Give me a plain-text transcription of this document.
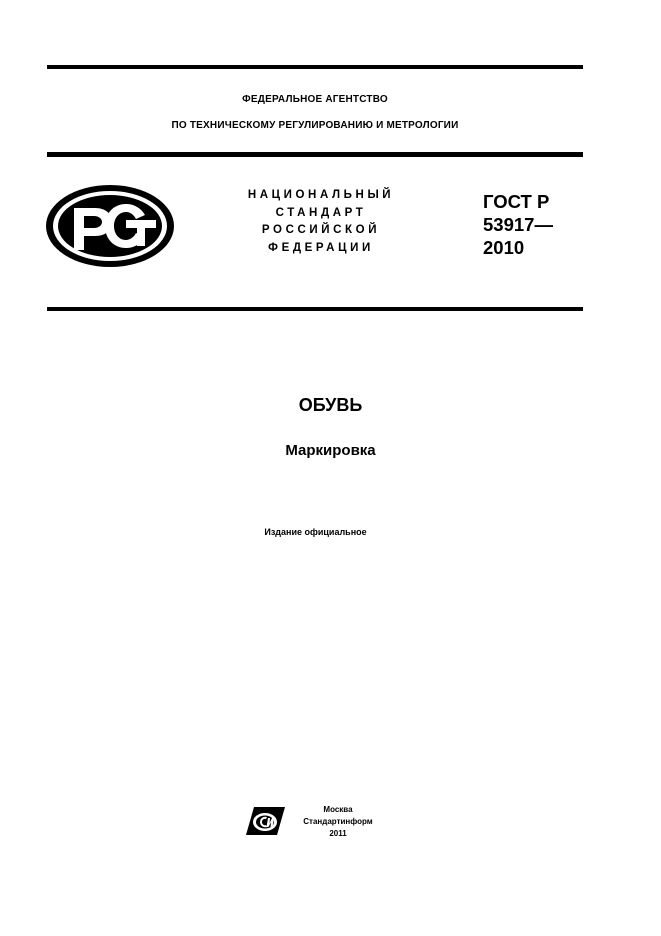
ФЕДЕРАЛЬНОЕ АГЕНТСТВО
ПО ТЕХНИЧЕСКОМУ РЕГУЛИРОВАНИЮ И МЕТРОЛОГИИ
НАЦИОНАЛЬНЫЙ
СТАНДАРТ
РОССИЙСКОЙ
ФЕДЕРАЦИИ
ГОСТ Р
53917—
2010
ОБУВЬ
Маркировка
Издание официальное
Москва
Стандартинформ
2011
